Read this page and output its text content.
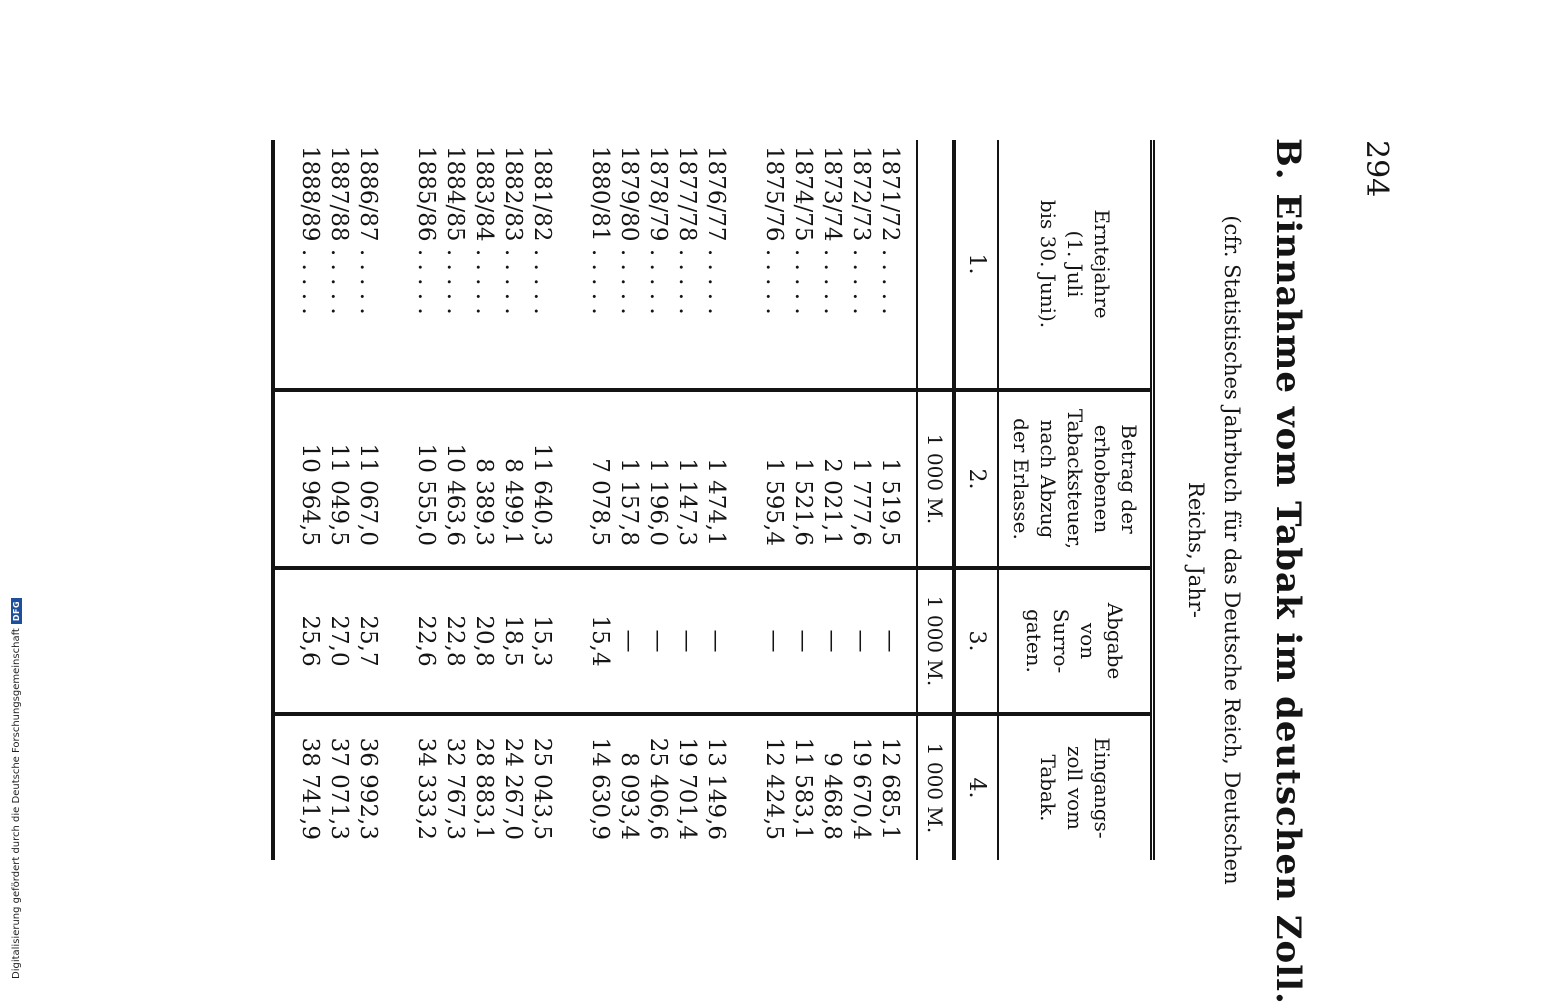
Digitalisierung gefördert durch die Deutsche Forschungsgemeinschaft
DFG
294
B. Einnahme vom Tabak im deutschen Zoll.
(cfr. Statistisches Jahrbuch für das Deutsche Reich, Deutschen Reichs, Jahr-
Erntejahre
(1. Juli
bis 30. Juni).
Betrag der
erhobenen
Tabacksteuer,
nach Abzug
der Erlasse.
Abgabe
von
Surro-
gaten.
Eingangs-
zoll vom
Tabak.
1.
2.
3.
4.
1 000 M.
1 000 M.
1 000 M.
1871/72 . . . . .
1872/73 . . . . .
1873/74 . . . . .
1874/75 . . . . .
1875/76 . . . . .
1876/77 . . . . .
1877/78 . . . . .
1878/79 . . . . .
1879/80 . . . . .
1880/81 . . . . .
1881/82 . . . . .
1882/83 . . . . .
1883/84 . . . . .
1884/85 . . . . .
1885/86 . . . . .
1886/87 . . . . .
1887/88 . . . . .
1888/89 . . . . .
1 519,5
1 777,6
2 021,1
1 521,6
1 595,4
1 474,1
1 147,3
1 196,0
1 157,8
7 078,5
11 640,3
8 499,1
8 389,3
10 463,6
10 555,0
11 067,0
11 049,5
10 964,5
—
—
—
—
—
—
—
—
—
15,4
15,3
18,5
20,8
22,8
22,6
25,7
27,0
25,6
12 685,1
19 670,4
9 468,8
11 583,1
12 424,5
13 149,6
19 701,4
25 406,6
8 093,4
14 630,9
25 043,5
24 267,0
28 883,1
32 767,3
34 333,2
36 992,3
37 071,3
38 741,9
